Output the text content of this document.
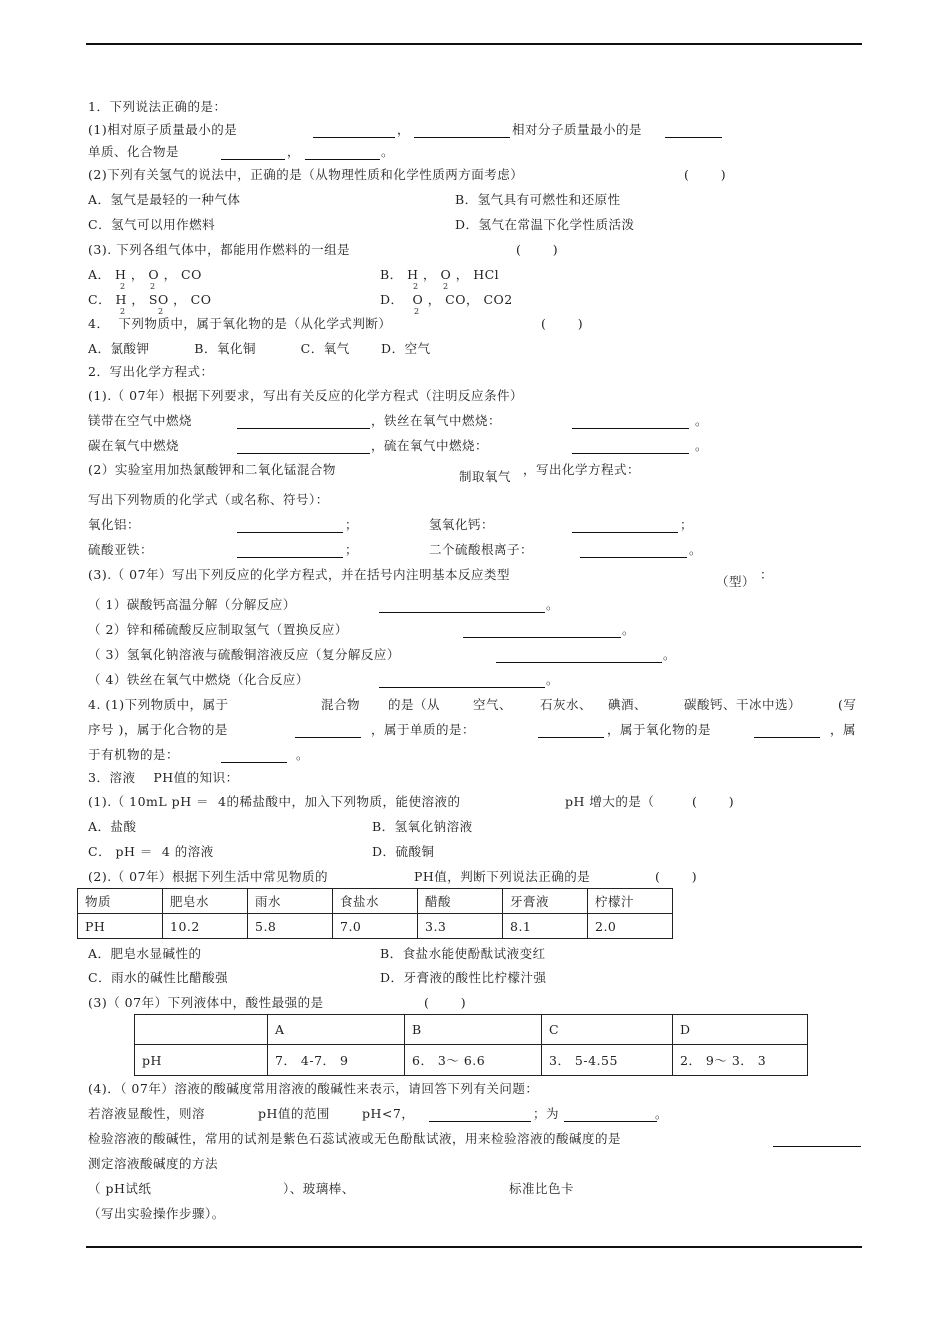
1．下列说法正确的是：
(1)相对原子质量最小的是	，	相对分子质量最小的是
单质、化合物是	，	。
(2)下列有关氢气的说法中，正确的是（从物理性质和化学性质两方面考虑）	(       )
A．氢气是最轻的一种气体	B．氢气具有可燃性和还原性
C．氢气可以用作燃料	D．氢气在常温下化学性质活泼
(3). 下列各组气体中，都能用作燃料的一组是	(       )
A． H ， O ， CO
2	2
B． H ， O ， HCl
2	2
C． H ， SO ， CO
2	2
D．  O ， CO， CO2
2
4．  下列物质中，属于氧化物的是（从化学式判断）	(       )
A．氯酸钾          B．氧化铜          C．氧气       D．空气
2．写出化学方程式：
(1).（ 07年）根据下列要求，写出有关反应的化学方程式（注明反应条件）
镁带在空气中燃烧	，铁丝在氧气中燃烧：	。
碳在氧气中燃烧	，硫在氧气中燃烧：	。
(2）实验室用加热氯酸钾和二氧化锰混合物	制取氧气 ，写出化学方程式：
写出下列物质的化学式（或名称、符号）：
氧化铝：	；	氢氧化钙：	；
硫酸亚铁：	；	二个硫酸根离子：	。
(3).（ 07年）写出下列反应的化学方程式，并在括号内注明基本反应类型	（型） ：
（ 1）碳酸钙高温分解（分解反应）	。
（ 2）锌和稀硫酸反应制取氢气（置换反应）	。
（ 3）氢氧化钠溶液与硫酸铜溶液反应（复分解反应）	。
（ 4）铁丝在氧气中燃烧（化合反应）	。
4. (1)下列物质中，属于	混合物 的是（从	空气、 石灰水、 碘酒、	碳酸钙、干冰中选）	(写
序号 )，属于化合物的是	，属于单质的是：	，属于氧化物的是	，属
于有机物的是：	。
3．溶液    PH值的知识：
(1).（ 10mL pH ＝  4的稀盐酸中，加入下列物质，能使溶液的	pH 增大的是（	(       )
A．盐酸	B．氢氧化钠溶液
C． pH ＝  4 的溶液	D．硫酸铜
(2).（ 07年）根据下列生活中常见物质的	PH值，判断下列说法正确的是	(       )
物质	肥皂水	雨水	食盐水	醋酸	牙膏液	柠檬汁
PH	10.2	5.8	7.0	3.3	8.1	2.0
A．肥皂水显碱性的	B．食盐水能使酚酞试液变红
C．雨水的碱性比醋酸强	D．牙膏液的酸性比柠檬汁强
(3)（ 07年）下列液体中，酸性最强的是	(       )
	A	B	C	D
pH	7． 4-7． 9	6． 3～ 6.6	3． 5-4.55	2． 9～ 3． 3
(4)．（ 07年）溶液的酸碱度常用溶液的酸碱性来表示，请回答下列有关问题：
若溶液显酸性，则溶	pH值的范围	pH<7，	；为	。
检验溶液的酸碱性，常用的试剂是紫色石蕊试液或无色酚酞试液，用来检验溶液的酸碱度的是
测定溶液酸碱度的方法
（ pH试纸	）、玻璃棒、	标准比色卡
（写出实验操作步骤）。
